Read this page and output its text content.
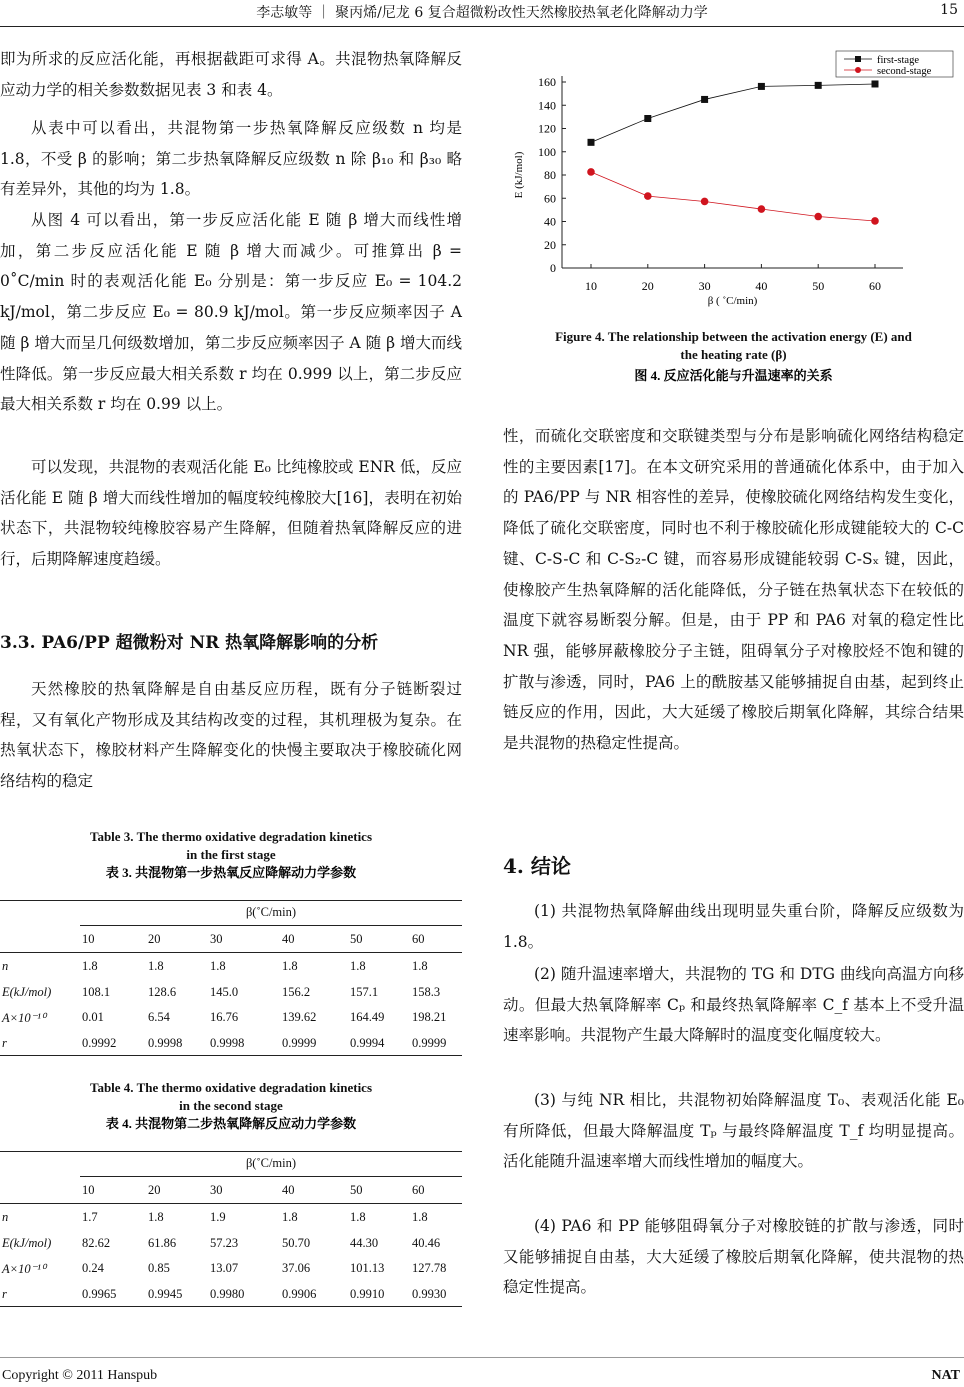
李志敏等 ｜ 聚丙烯/尼龙 6 复合超微粉改性天然橡胶热氧老化降解动力学	15
即为所求的反应活化能，再根据截距可求得 A。共混物热氧降解反应动力学的相关参数数据见表 3 和表 4。
从表中可以看出，共混物第一步热氧降解反应级数 n 均是 1.8，不受 β 的影响；第二步热氧降解反应级数 n 除 β₁₀ 和 β₃₀ 略有差异外，其他的均为 1.8。
从图 4 可以看出，第一步反应活化能 E 随 β 增大而线性增加，第二步反应活化能 E 随 β 增大而减少。可推算出 β = 0˚C/min 时的表观活化能 E₀ 分别是：第一步反应 E₀ = 104.2 kJ/mol，第二步反应 E₀ = 80.9 kJ/mol。第一步反应频率因子 A 随 β 增大而呈几何级数增加，第二步反应频率因子 A 随 β 增大而线性降低。第一步反应最大相关系数 r 均在 0.999 以上，第二步反应最大相关系数 r 均在 0.99 以上。
可以发现，共混物的表观活化能 E₀ 比纯橡胶或 ENR 低，反应活化能 E 随 β 增大而线性增加的幅度较纯橡胶大[16]，表明在初始状态下，共混物较纯橡胶容易产生降解，但随着热氧降解反应的进行，后期降解速度趋缓。
3.3. PA6/PP 超微粉对 NR 热氧降解影响的分析
天然橡胶的热氧降解是自由基反应历程，既有分子链断裂过程，又有氧化产物形成及其结构改变的过程，其机理极为复杂。在热氧状态下，橡胶材料产生降解变化的快慢主要取决于橡胶硫化网络结构的稳定
Table 3. The thermo oxidative degradation kinetics
in the first stage
表 3. 共混物第一步热氧反应降解动力学参数
β(˚C/min)
10	20	30	40	50	60
n	1.8	1.8	1.8	1.8	1.8	1.8
E(kJ/mol) 108.1	128.6	145.0	156.2	157.1	158.3
A×10⁻¹⁰	0.01	6.54	16.76	139.62	164.49 198.21
r	0.9992	0.9998 0.9998	0.9999	0.9994 0.9999
Table 4. The thermo oxidative degradation kinetics
in the second stage
表 4. 共混物第二步热氧降解反应动力学参数
β(˚C/min)
10	20	30	40	50	60
n	1.7	1.8	1.9	1.8	1.8	1.8
E(kJ/mol) 82.62	61.86	57.23	50.70	44.30	40.46
A×10⁻¹⁰	0.24	0.85	13.07	37.06	101.13 127.78
r	0.9965	0.9945 0.9980	0.9906	0.9910 0.9930
0
20
40
60
80
100
120
140
160
10	20	30	40	50	60
β ( ˚C/min)
E (kJ/mol)
first-stage
second-stage
Figure 4. The relationship between the activation energy (E) and
the heating rate (β)
图 4. 反应活化能与升温速率的关系
性，而硫化交联密度和交联键类型与分布是影响硫化网络结构稳定性的主要因素[17]。在本文研究采用的普通硫化体系中，由于加入的 PA6/PP 与 NR 相容性的差异，使橡胶硫化网络结构发生变化，降低了硫化交联密度，同时也不利于橡胶硫化形成键能较大的 C-C 键、C-S-C 和 C-S₂-C 键，而容易形成键能较弱 C-Sₓ 键，因此，使橡胶产生热氧降解的活化能降低，分子链在热氧状态下在较低的温度下就容易断裂分解。但是，由于 PP 和 PA6 对氧的稳定性比 NR 强，能够屏蔽橡胶分子主链，阻碍氧分子对橡胶烃不饱和键的扩散与渗透，同时，PA6 上的酰胺基又能够捕捉自由基，起到终止链反应的作用，因此，大大延缓了橡胶后期氧化降解，其综合结果是共混物的热稳定性提高。
4. 结论
(1) 共混物热氧降解曲线出现明显失重台阶，降解反应级数为 1.8。
(2) 随升温速率增大，共混物的 TG 和 DTG 曲线向高温方向移动。但最大热氧降解率 Cₚ 和最终热氧降解率 C_f 基本上不受升温速率影响。共混物产生最大降解时的温度变化幅度较大。
(3) 与纯 NR 相比，共混物初始降解温度 T₀、表观活化能 E₀ 有所降低，但最大降解温度 Tₚ 与最终降解温度 T_f 均明显提高。活化能随升温速率增大而线性增加的幅度大。
(4) PA6 和 PP 能够阻碍氧分子对橡胶链的扩散与渗透，同时又能够捕捉自由基，大大延缓了橡胶后期氧化降解，使共混物的热稳定性提高。
Copyright © 2011 Hanspub	NAT
